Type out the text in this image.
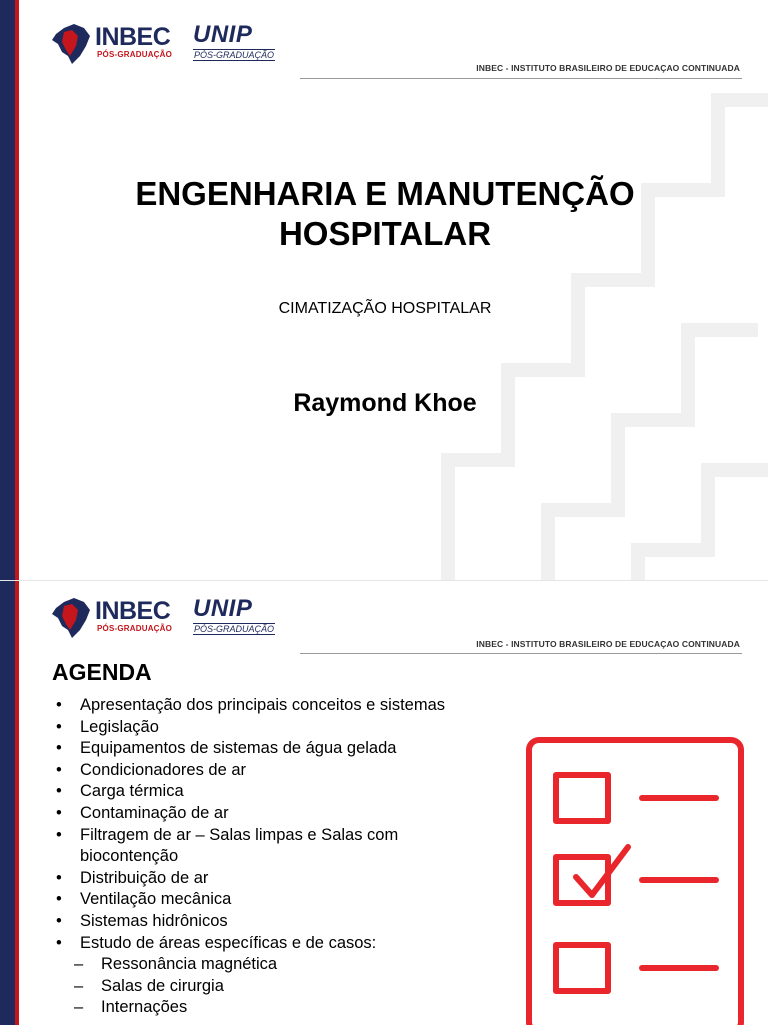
INBEC
PÓS-GRADUAÇÃO
UNIP
PÓS-GRADUAÇÃO
INBEC - INSTITUTO BRASILEIRO DE EDUCAÇAO CONTINUADA
ENGENHARIA E MANUTENÇÃO
HOSPITALAR
CIMATIZAÇÃO HOSPITALAR
Raymond Khoe
INBEC
PÓS-GRADUAÇÃO
UNIP
PÓS-GRADUAÇÃO
INBEC - INSTITUTO BRASILEIRO DE EDUCAÇAO CONTINUADA
AGENDA
• Apresentação dos principais conceitos e sistemas
• Legislação
• Equipamentos de sistemas de água gelada
• Condicionadores de ar
• Carga térmica
• Contaminação de ar
• Filtragem de ar – Salas limpas e Salas com
biocontenção
• Distribuição de ar
• Ventilação mecânica
• Sistemas hidrônicos
• Estudo de áreas específicas e de casos:
– Ressonância magnética
– Salas de cirurgia
– Internações
